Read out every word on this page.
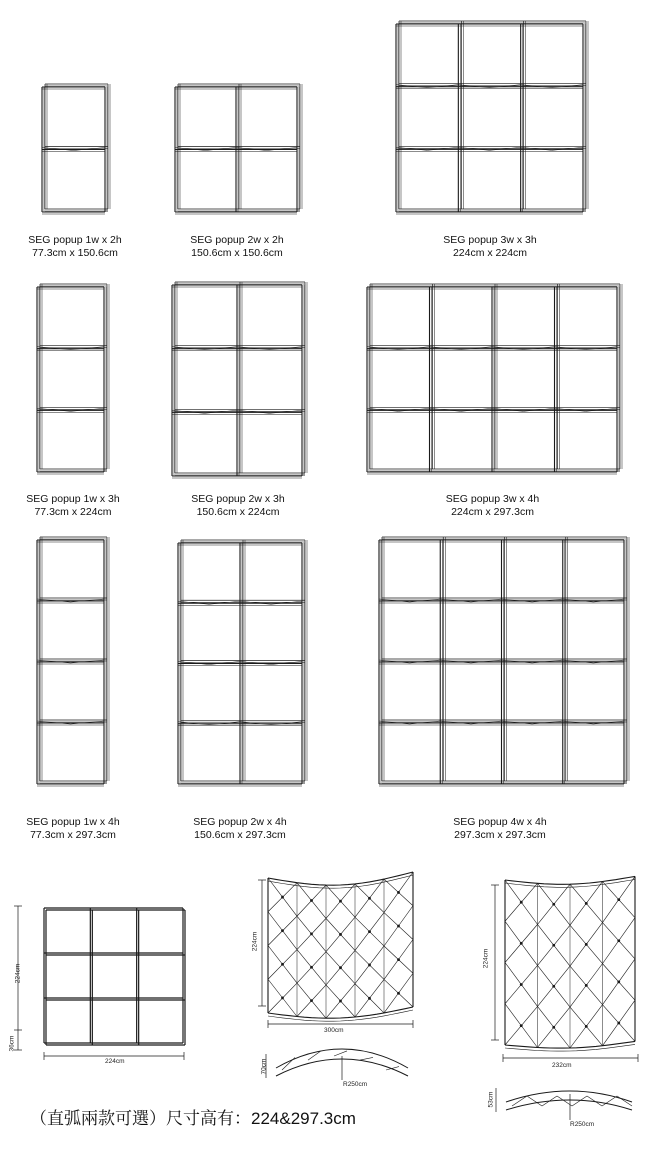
SEG popup 1w x 2h
77.3cm x 150.6cm
SEG popup 2w x 2h
150.6cm x 150.6cm
SEG popup 3w x 3h
224cm x 224cm
SEG popup 1w x 3h
77.3cm x 224cm
SEG popup 2w x 3h
150.6cm x 224cm
SEG popup 3w x 4h
224cm x 297.3cm
SEG popup 1w x 4h
77.3cm x 297.3cm
SEG popup 2w x 4h
150.6cm x 297.3cm
SEG popup 4w x 4h
297.3cm x 297.3cm
224cm
36cm
224cm
224cm
300cm
70cm
R250cm
224cm
232cm
53cm
R250cm
（直弧兩款可選）尺寸高有：224&297.3cm
